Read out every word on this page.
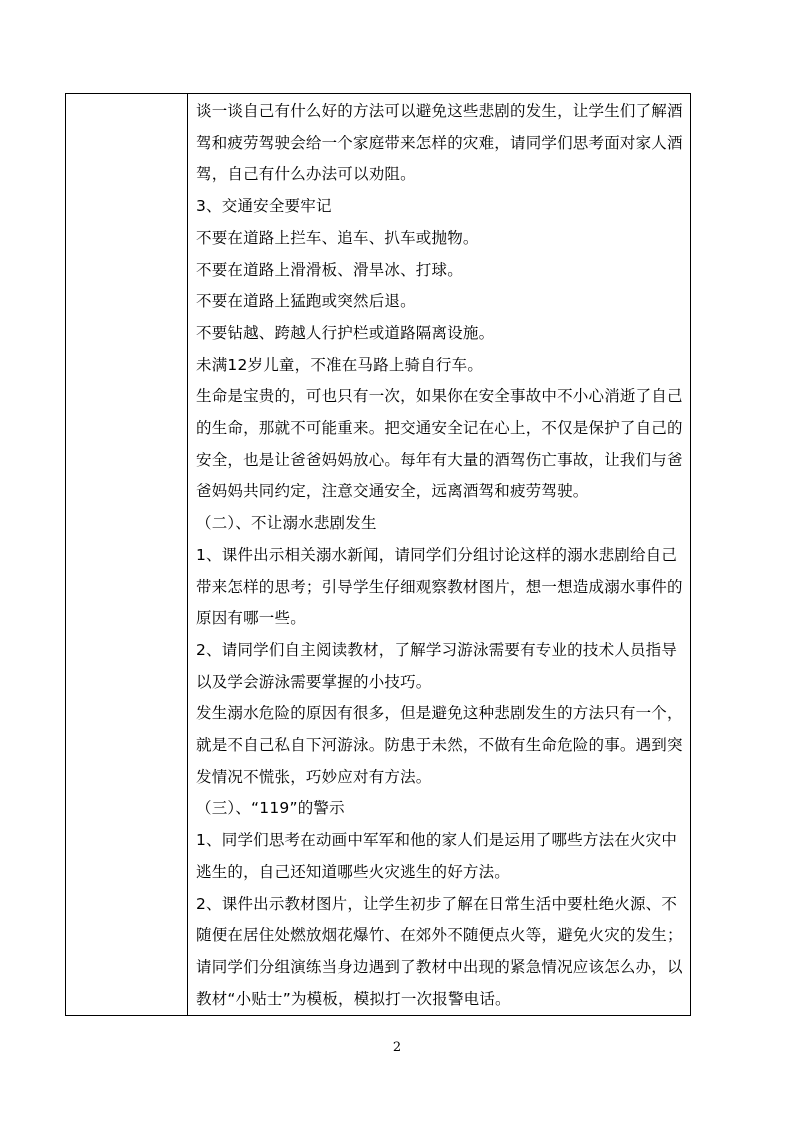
谈一谈自己有什么好的方法可以避免这些悲剧的发生，让学生们了解酒驾和疲劳驾驶会给一个家庭带来怎样的灾难，请同学们思考面对家人酒驾，自己有什么办法可以劝阻。

3、交通安全要牢记

不要在道路上拦车、追车、扒车或抛物。

不要在道路上滑滑板、滑旱冰、打球。

不要在道路上猛跑或突然后退。

不要钻越、跨越人行护栏或道路隔离设施。

未满12岁儿童，不准在马路上骑自行车。

生命是宝贵的，可也只有一次，如果你在安全事故中不小心消逝了自己的生命，那就不可能重来。把交通安全记在心上，不仅是保护了自己的安全，也是让爸爸妈妈放心。每年有大量的酒驾伤亡事故，让我们与爸爸妈妈共同约定，注意交通安全，远离酒驾和疲劳驾驶。

（二）、不让溺水悲剧发生

1、课件出示相关溺水新闻，请同学们分组讨论这样的溺水悲剧给自己带来怎样的思考；引导学生仔细观察教材图片，想一想造成溺水事件的原因有哪一些。

2、请同学们自主阅读教材，了解学习游泳需要有专业的技术人员指导以及学会游泳需要掌握的小技巧。

发生溺水危险的原因有很多，但是避免这种悲剧发生的方法只有一个，就是不自己私自下河游泳。防患于未然，不做有生命危险的事。遇到突发情况不慌张，巧妙应对有方法。

（三）、“119”的警示

1、同学们思考在动画中军军和他的家人们是运用了哪些方法在火灾中逃生的，自己还知道哪些火灾逃生的好方法。

2、课件出示教材图片，让学生初步了解在日常生活中要杜绝火源、不随便在居住处燃放烟花爆竹、在郊外不随便点火等，避免火灾的发生；请同学们分组演练当身边遇到了教材中出现的紧急情况应该怎么办，以教材“小贴士”为模板，模拟打一次报警电话。

2
